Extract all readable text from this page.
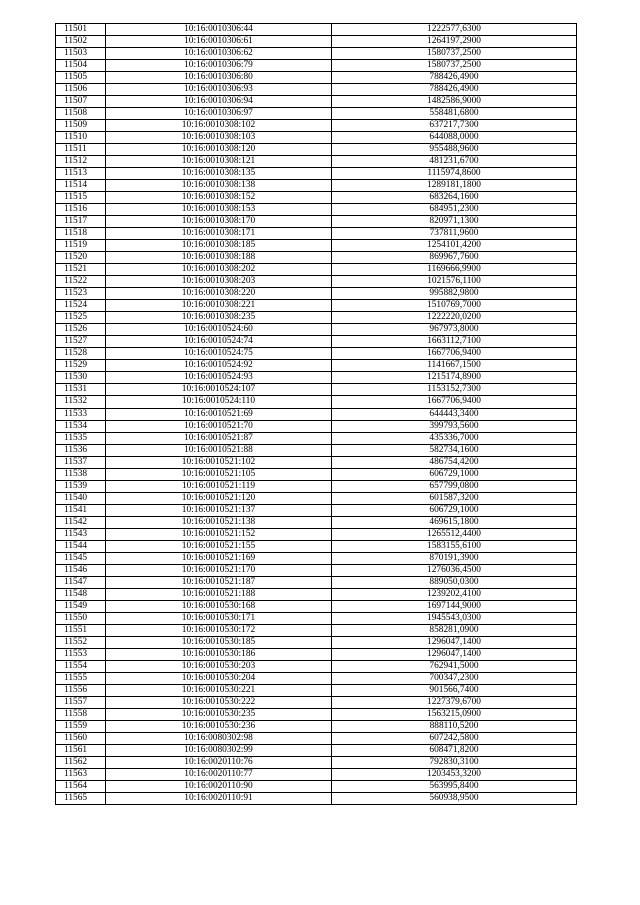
11501	10:16:0010306:44	1222577,6300
11502	10:16:0010306:61	1264197,2900
11503	10:16:0010306:62	1580737,2500
11504	10:16:0010306:79	1580737,2500
11505	10:16:0010306:80	788426,4900
11506	10:16:0010306:93	788426,4900
11507	10:16:0010306:94	1482586,9000
11508	10:16:0010306:97	558481,6800
11509	10:16:0010308:102	637217,7300
11510	10:16:0010308:103	644088,0000
11511	10:16:0010308:120	955488,9600
11512	10:16:0010308:121	481231,6700
11513	10:16:0010308:135	1115974,8600
11514	10:16:0010308:138	1289181,1800
11515	10:16:0010308:152	683264,1600
11516	10:16:0010308:153	684951,2300
11517	10:16:0010308:170	820971,1300
11518	10:16:0010308:171	737811,9600
11519	10:16:0010308:185	1254101,4200
11520	10:16:0010308:188	869967,7600
11521	10:16:0010308:202	1169666,9900
11522	10:16:0010308:203	1021576,1100
11523	10:16:0010308:220	995882,9800
11524	10:16:0010308:221	1510769,7000
11525	10:16:0010308:235	1222220,0200
11526	10:16:0010524:60	967973,8000
11527	10:16:0010524:74	1663112,7100
11528	10:16:0010524:75	1667706,9400
11529	10:16:0010524:92	1141667,1500
11530	10:16:0010524:93	1215174,8900
11531	10:16:0010524:107	1153152,7300
11532	10:16:0010524:110	1667706,9400
11533	10:16:0010521:69	644443,3400
11534	10:16:0010521:70	399793,5600
11535	10:16:0010521:87	435336,7000
11536	10:16:0010521:88	582734,1600
11537	10:16:0010521:102	486754,4200
11538	10:16:0010521:105	606729,1000
11539	10:16:0010521:119	657799,0800
11540	10:16:0010521:120	601587,3200
11541	10:16:0010521:137	606729,1000
11542	10:16:0010521:138	469615,1800
11543	10:16:0010521:152	1265512,4400
11544	10:16:0010521:155	1583155,6100
11545	10:16:0010521:169	870191,3900
11546	10:16:0010521:170	1276036,4500
11547	10:16:0010521:187	889050,0300
11548	10:16:0010521:188	1239202,4100
11549	10:16:0010530:168	1697144,9000
11550	10:16:0010530:171	1945543,0300
11551	10:16:0010530:172	858281,0900
11552	10:16:0010530:185	1296047,1400
11553	10:16:0010530:186	1296047,1400
11554	10:16:0010530:203	762941,5000
11555	10:16:0010530:204	700347,2300
11556	10:16:0010530:221	901566,7400
11557	10:16:0010530:222	1227379,6700
11558	10:16:0010530:235	1563215,0900
11559	10:16:0010530:236	888110,5200
11560	10:16:0080302:98	607242,5800
11561	10:16:0080302:99	608471,8200
11562	10:16:0020110:76	792830,3100
11563	10:16:0020110:77	1203453,3200
11564	10:16:0020110:90	563995,8400
11565	10:16:0020110:91	560938,9500
